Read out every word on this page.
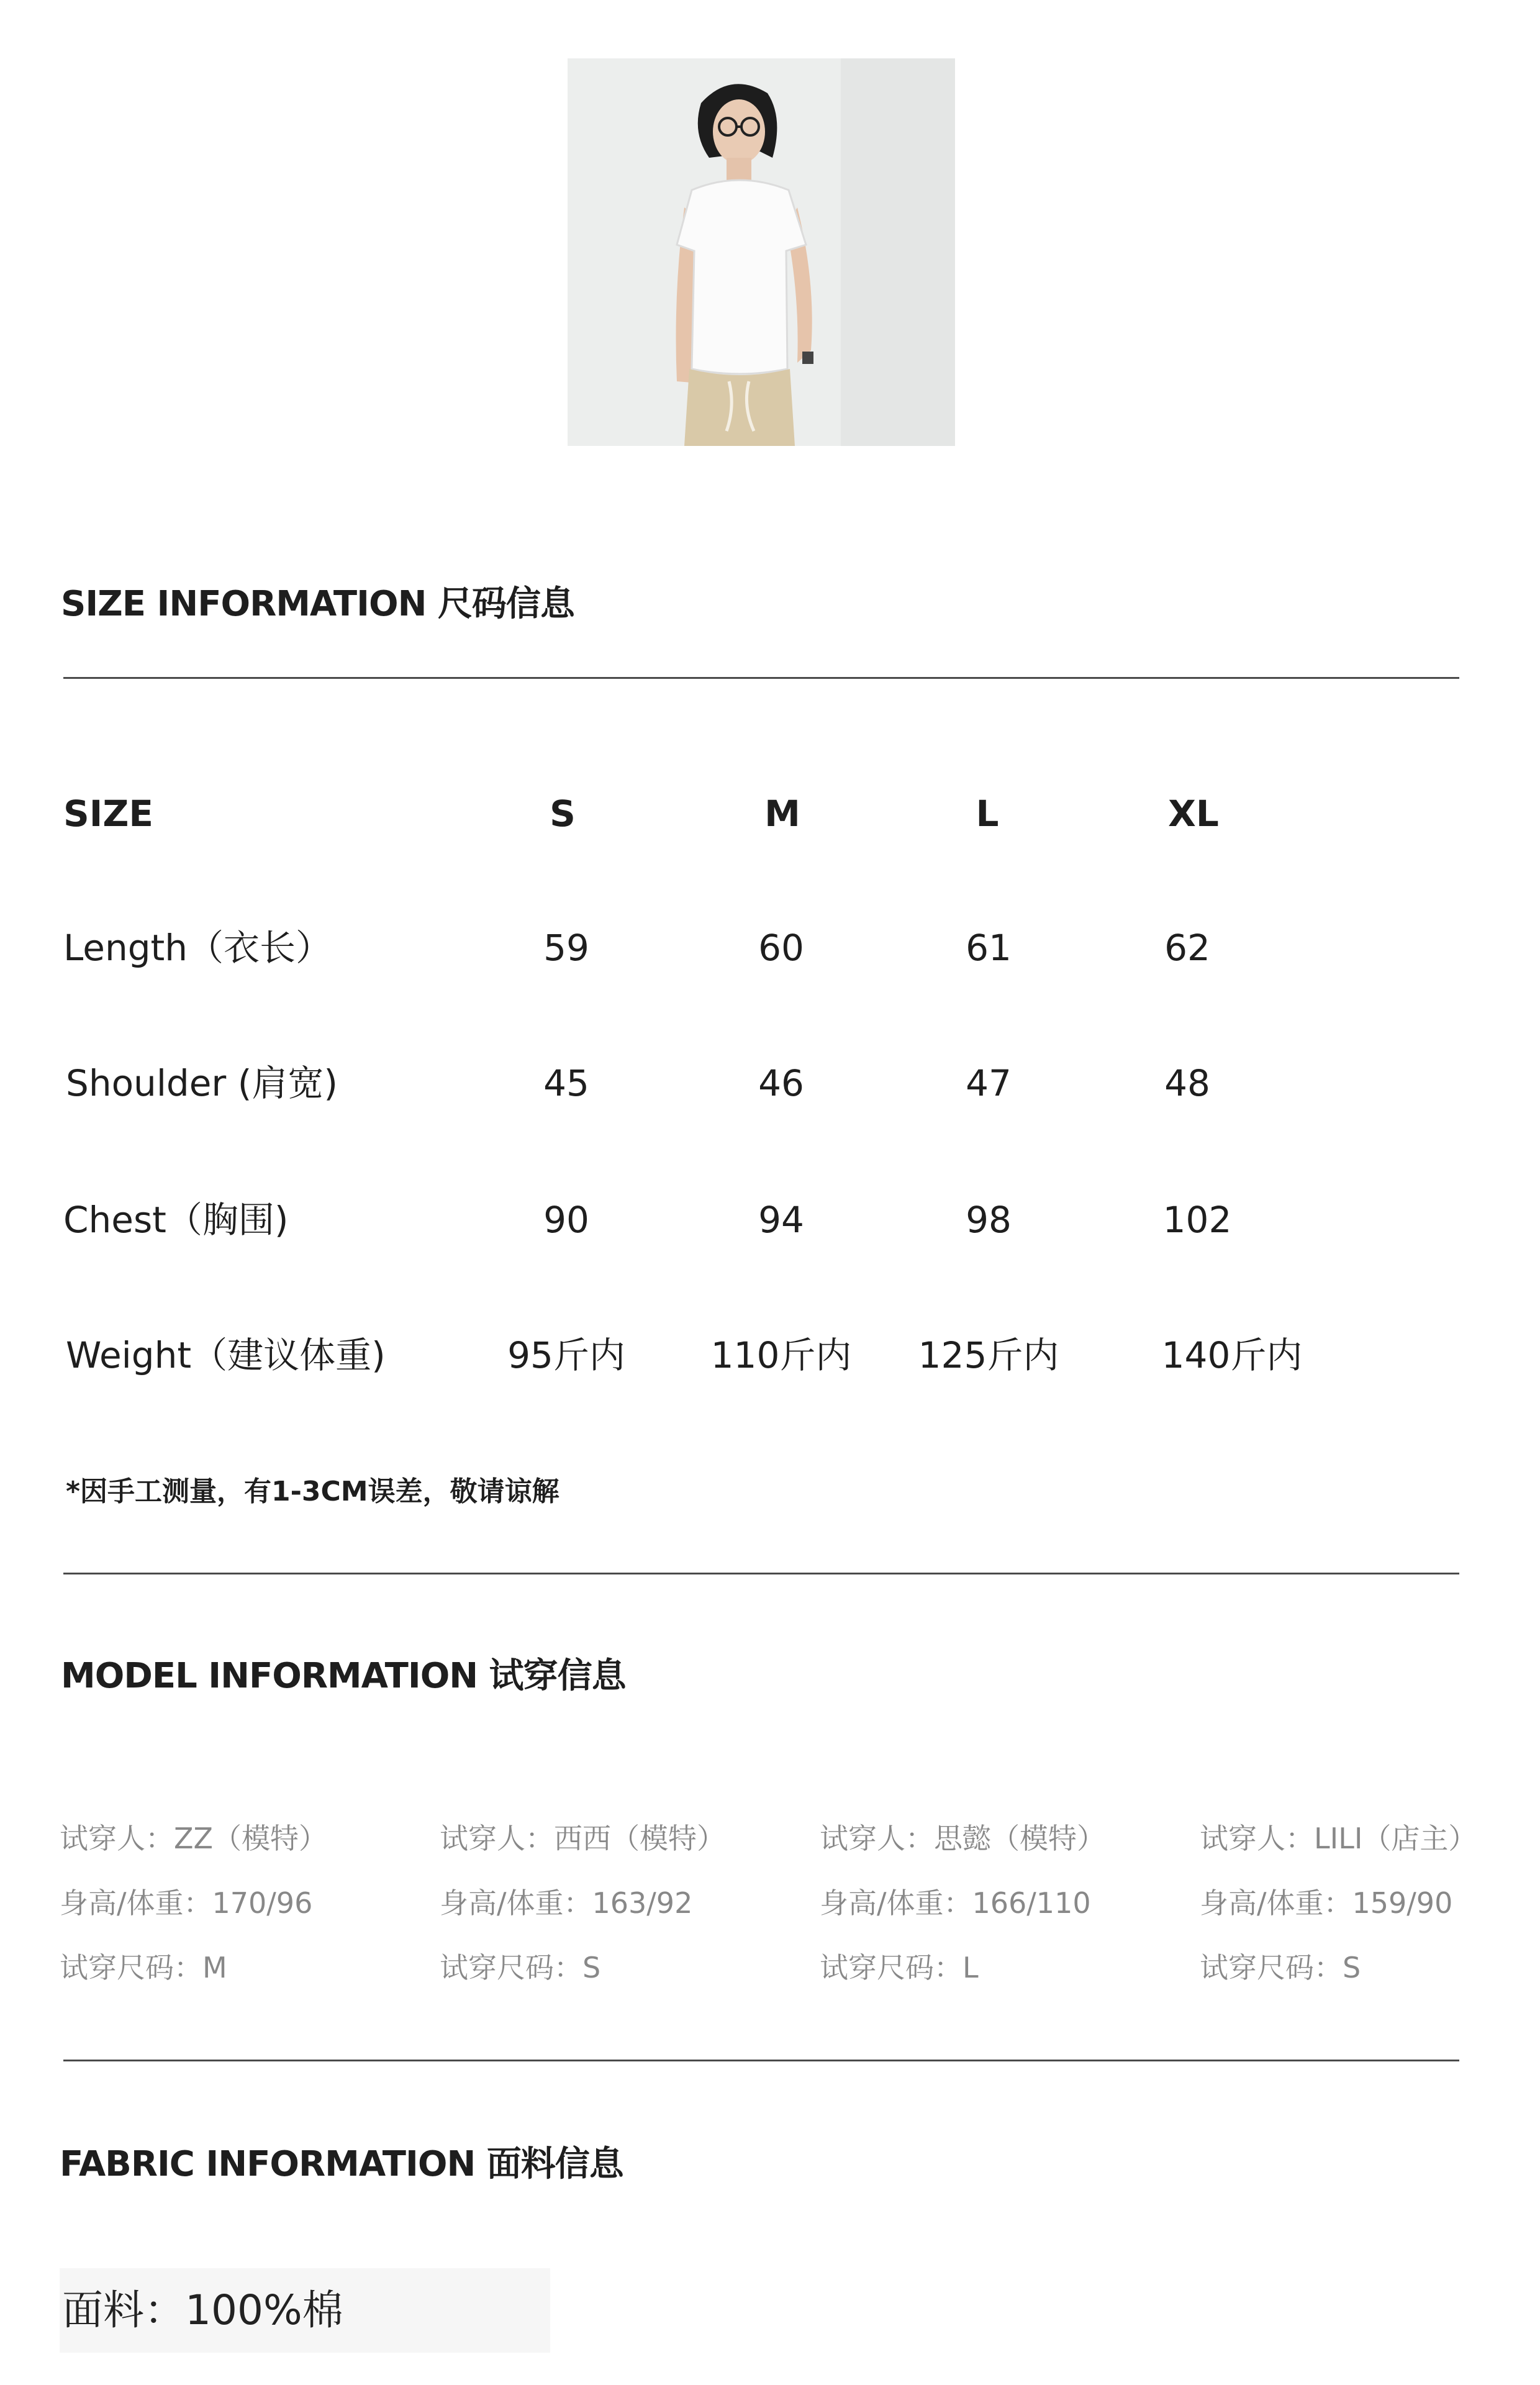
SIZE INFORMATION 尺码信息
SIZE	S	M	L	XL
Length（衣长）	59	60	61	62
Shoulder (肩宽)	45	46	47	48
Chest（胸围)	90	94	98	102
Weight（建议体重)	95斤内	110斤内 125斤内	140斤内
*因手工测量，有1-3CM误差，敬请谅解
MODEL INFORMATION 试穿信息
试穿人：ZZ（模特）
身高/体重：170/96
试穿尺码：M
试穿人：西西（模特）
身高/体重：163/92
试穿尺码：S
试穿人：思懿（模特）
身高/体重：166/110
试穿尺码：L
试穿人：LILI（店主）
身高/体重：159/90
试穿尺码：S
FABRIC INFORMATION 面料信息
面料：100%棉
